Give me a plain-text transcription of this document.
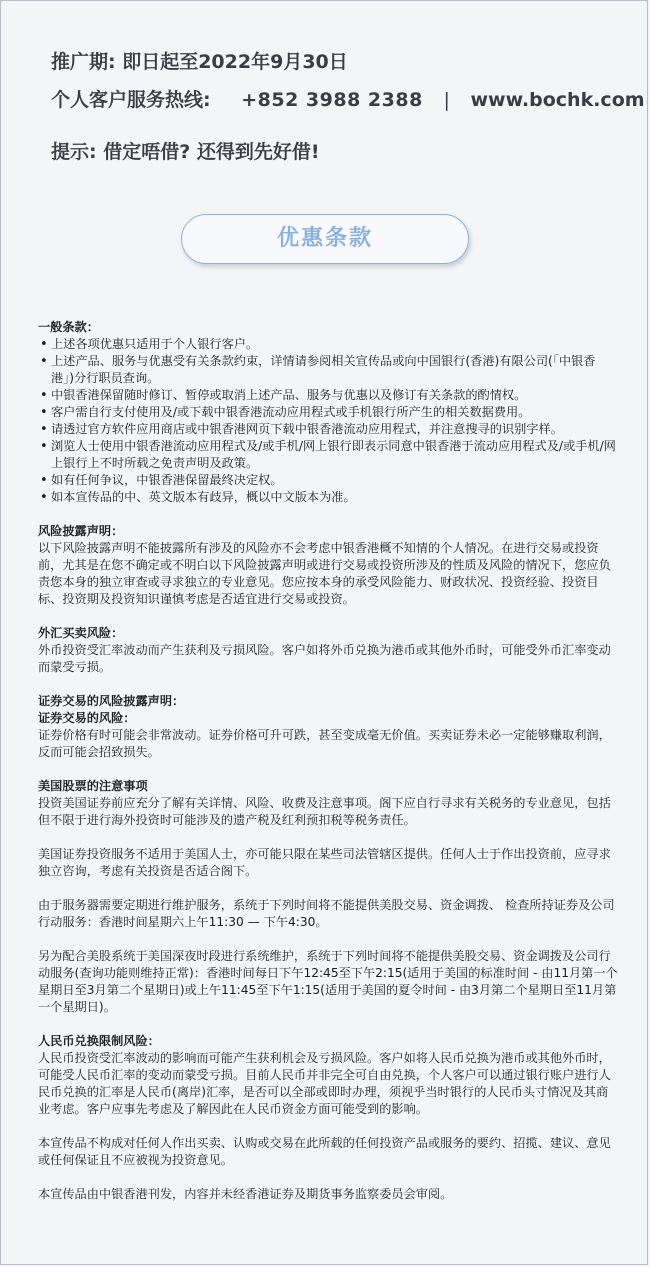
推广期: 即日起至2022年9月30日
个人客户服务热线: +852 3988 2388 | www.bochk.com
提示: 借定唔借? 还得到先好借!
优惠条款

一般条款：

• 上述各项优惠只适用于个人银行客户。
• 上述产品、服务与优惠受有关条款约束，详情请参阅相关宣传品或向中国银行(香港)有限公司(「中银香港」)分行职员查询。
• 中银香港保留随时修订、暂停或取消上述产品、服务与优惠以及修订有关条款的酌情权。
• 客户需自行支付使用及/或下载中银香港流动应用程式或手机银行所产生的相关数据费用。
• 请透过官方软件应用商店或中银香港网页下载中银香港流动应用程式，并注意搜寻的识别字样。
• 浏览人士使用中银香港流动应用程式及/或手机/网上银行即表示同意中银香港于流动应用程式及/或手机/网上银行上不时所载之免责声明及政策。
• 如有任何争议，中银香港保留最终决定权。
• 如本宣传品的中、英文版本有歧异，概以中文版本为准。

风险披露声明：

以下风险披露声明不能披露所有涉及的风险亦不会考虑中银香港概不知情的个人情况。在进行交易或投资前，尤其是在您不确定或不明白以下风险披露声明或进行交易或投资所涉及的性质及风险的情况下，您应负责您本身的独立审查或寻求独立的专业意见。您应按本身的承受风险能力、财政状况、投资经验、投资目标、投资期及投资知识谨慎考虑是否适宜进行交易或投资。

外汇买卖风险：

外币投资受汇率波动而产生获利及亏损风险。客户如将外币兑换为港币或其他外币时，可能受外币汇率变动而蒙受亏损。

证券交易的风险披露声明：

证券交易的风险：

证券价格有时可能会非常波动。证券价格可升可跌，甚至变成毫无价值。买卖证券未必一定能够赚取利润，反而可能会招致损失。

美国股票的注意事项

投资美国证券前应充分了解有关详情、风险、收费及注意事项。阁下应自行寻求有关税务的专业意见，包括但不限于进行海外投资时可能涉及的遗产税及红利预扣税等税务责任。

美国证券投资服务不适用于美国人士，亦可能只限在某些司法管辖区提供。任何人士于作出投资前，应寻求独立咨询，考虑有关投资是否适合阁下。

由于服务器需要定期进行维护服务，系统于下列时间将不能提供美股交易、资金调拨、 检查所持证券及公司行动服务：香港时间星期六上午11:30 — 下午4:30。

另为配合美股系统于美国深夜时段进行系统维护，系统于下列时间将不能提供美股交易、资金调拨及公司行动服务(查询功能则维持正常)：香港时间每日下午12:45至下午2:15(适用于美国的标准时间 - 由11月第一个星期日至3月第二个星期日)或上午11:45至下午1:15(适用于美国的夏令时间 - 由3月第二个星期日至11月第一个星期日)。

人民币兑换限制风险：

人民币投资受汇率波动的影响而可能产生获利机会及亏损风险。客户如将人民币兑换为港币或其他外币时，可能受人民币汇率的变动而蒙受亏损。目前人民币并非完全可自由兑换，个人客户可以通过银行账户进行人民币兑换的汇率是人民币(离岸)汇率，是否可以全部或即时办理，须视乎当时银行的人民币头寸情况及其商业考虑。客户应事先考虑及了解因此在人民币资金方面可能受到的影响。

本宣传品不构成对任何人作出买卖、认购或交易在此所载的任何投资产品或服务的要约、招揽、建议、意见或任何保证且不应被视为投资意见。

本宣传品由中银香港刊发，内容并未经香港证券及期货事务监察委员会审阅。
